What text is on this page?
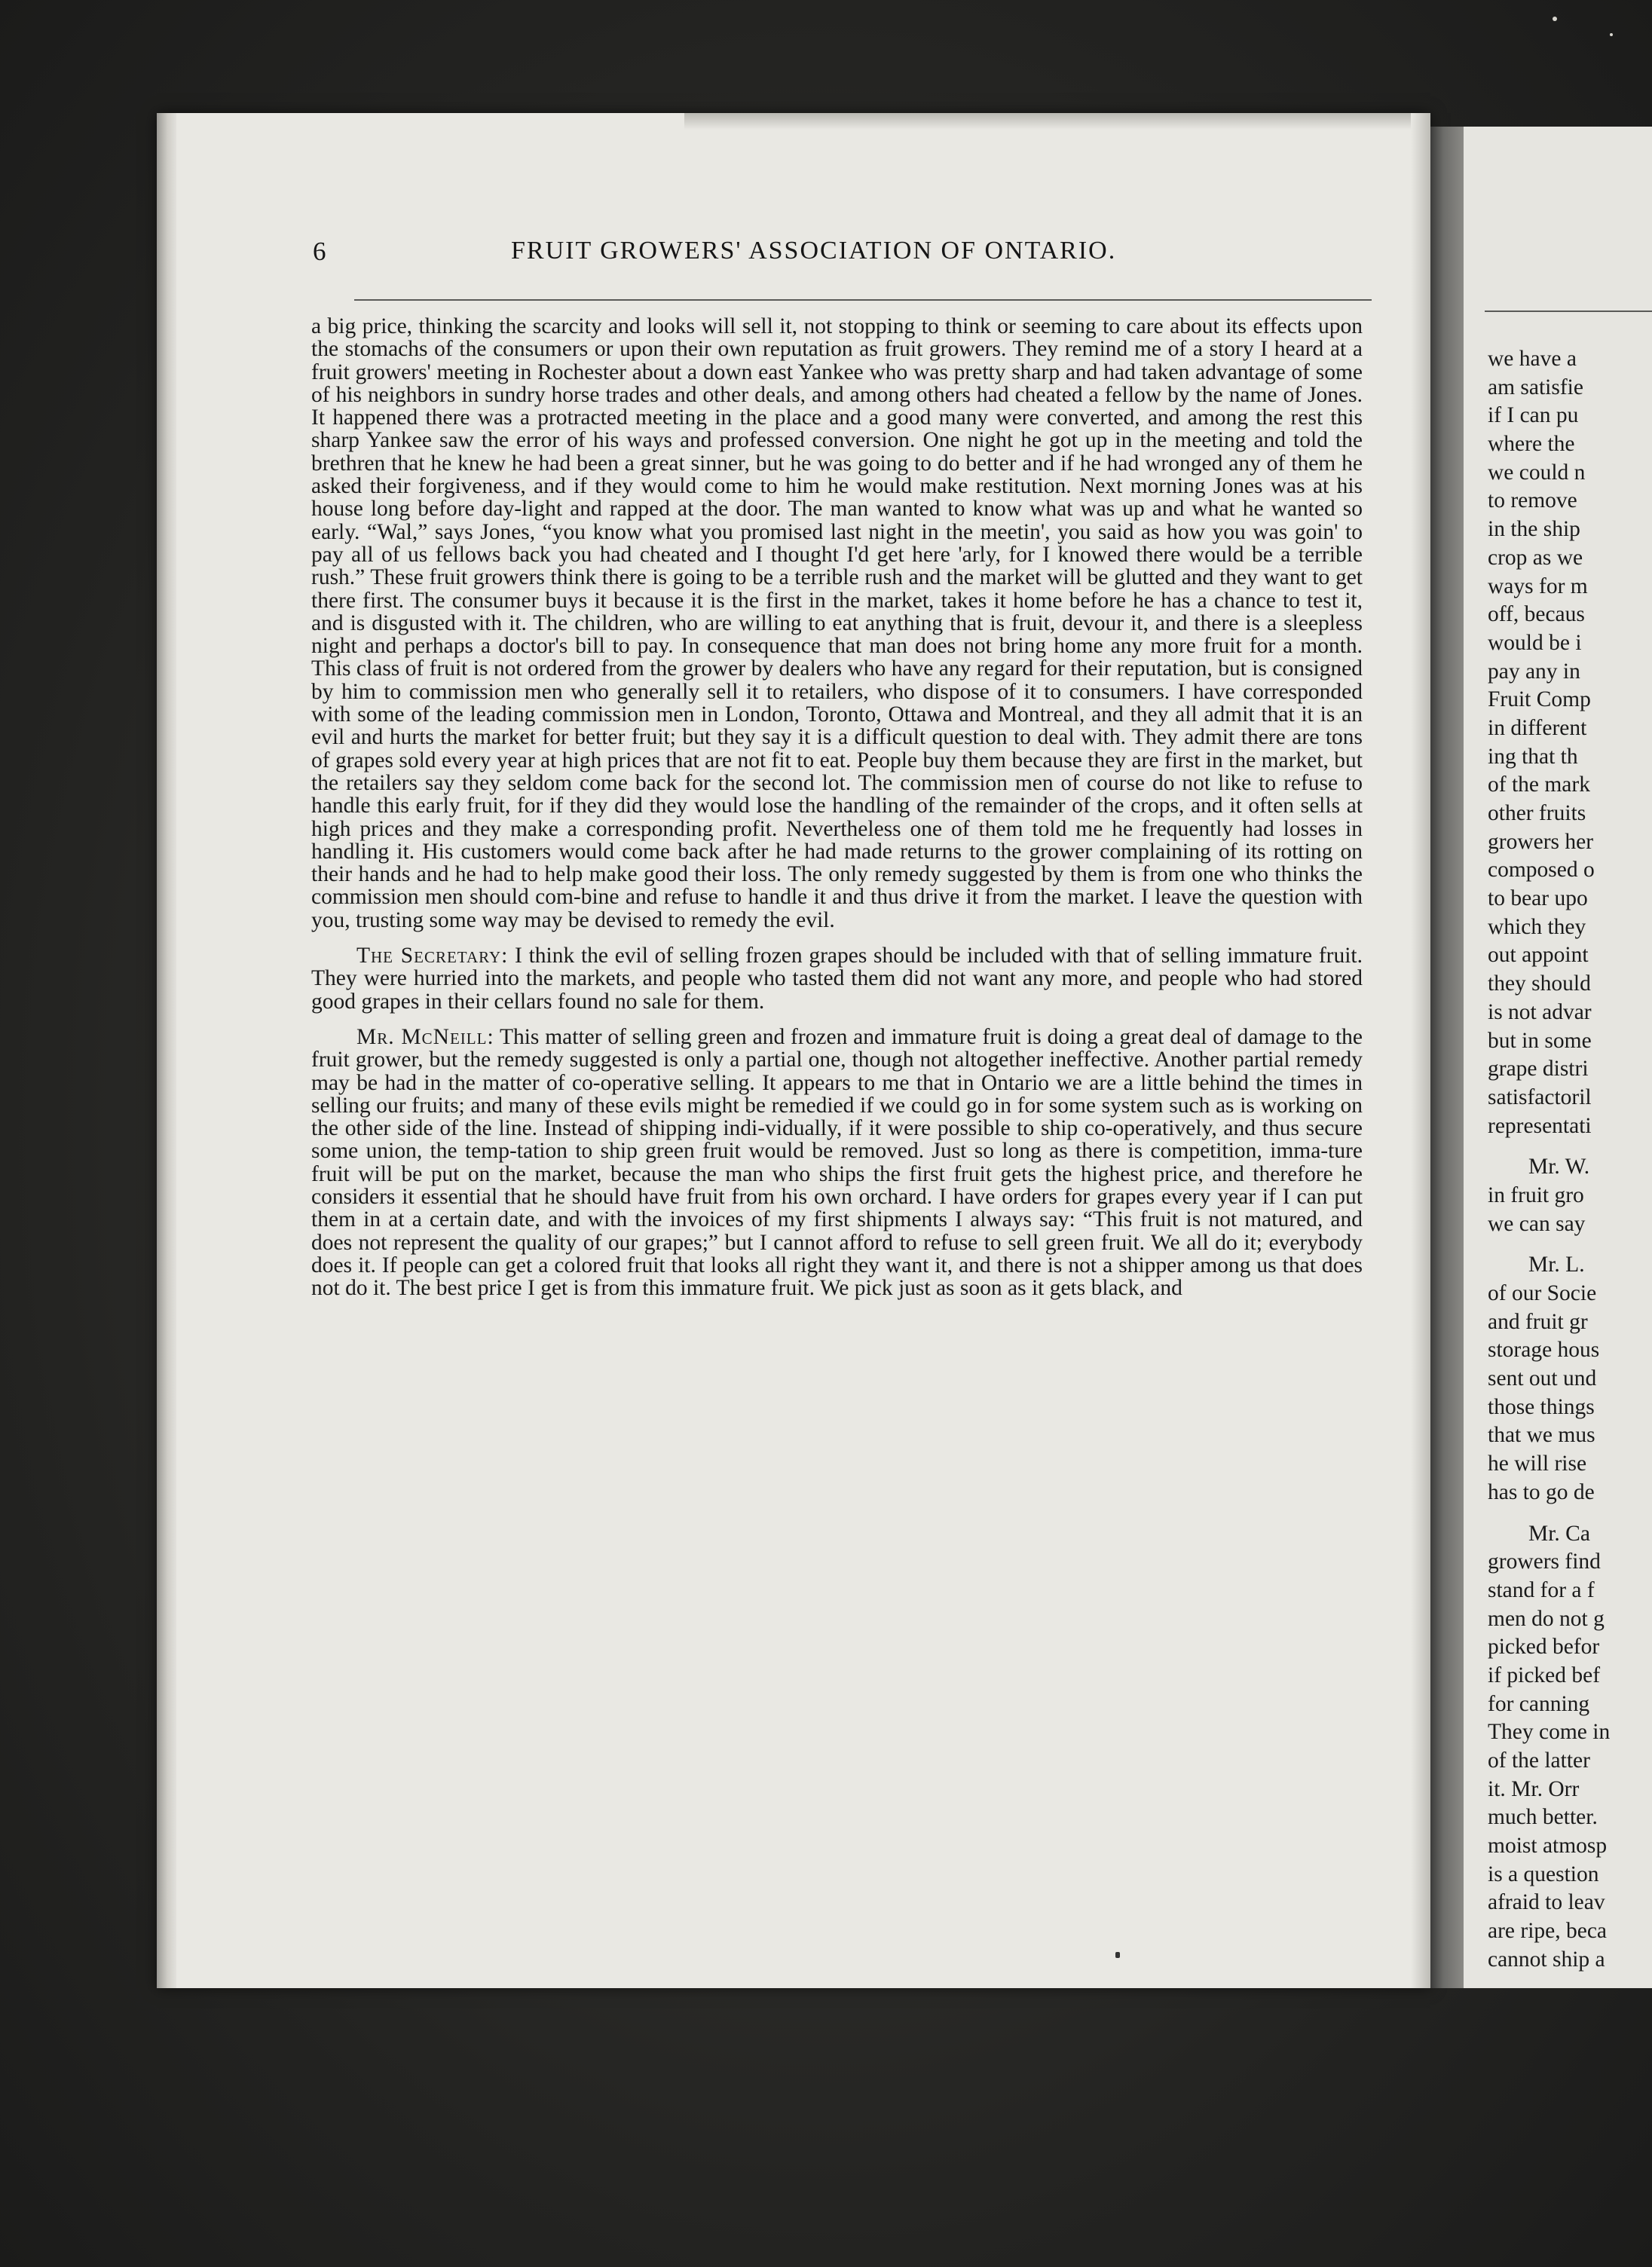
6	FRUIT GROWERS' ASSOCIATION OF ONTARIO.

a big price, thinking the scarcity and looks will sell it, not stopping to think or seeming to care about its effects upon the stomachs of the consumers or upon their own reputation as fruit growers. They remind me of a story I heard at a fruit growers' meeting in Rochester about a down east Yankee who was pretty sharp and had taken advantage of some of his neighbors in sundry horse trades and other deals, and among others had cheated a fellow by the name of Jones. It happened there was a protracted meeting in the place and a good many were converted, and among the rest this sharp Yankee saw the error of his ways and professed conversion. One night he got up in the meeting and told the brethren that he knew he had been a great sinner, but he was going to do better and if he had wronged any of them he asked their forgiveness, and if they would come to him he would make restitution. Next morning Jones was at his house long before day-light and rapped at the door. The man wanted to know what was up and what he wanted so early. “Wal,” says Jones, “you know what you promised last night in the meetin', you said as how you was goin' to pay all of us fellows back you had cheated and I thought I'd get here 'arly, for I knowed there would be a terrible rush.” These fruit growers think there is going to be a terrible rush and the market will be glutted and they want to get there first. The consumer buys it because it is the first in the market, takes it home before he has a chance to test it, and is disgusted with it. The children, who are willing to eat anything that is fruit, devour it, and there is a sleepless night and perhaps a doctor's bill to pay. In consequence that man does not bring home any more fruit for a month. This class of fruit is not ordered from the grower by dealers who have any regard for their reputation, but is consigned by him to commission men who generally sell it to retailers, who dispose of it to consumers. I have corresponded with some of the leading commission men in London, Toronto, Ottawa and Montreal, and they all admit that it is an evil and hurts the market for better fruit; but they say it is a difficult question to deal with. They admit there are tons of grapes sold every year at high prices that are not fit to eat. People buy them because they are first in the market, but the retailers say they seldom come back for the second lot. The commission men of course do not like to refuse to handle this early fruit, for if they did they would lose the handling of the remainder of the crops, and it often sells at high prices and they make a corresponding profit. Nevertheless one of them told me he frequently had losses in handling it. His customers would come back after he had made returns to the grower complaining of its rotting on their hands and he had to help make good their loss. The only remedy suggested by them is from one who thinks the commission men should com-bine and refuse to handle it and thus drive it from the market. I leave the question with you, trusting some way may be devised to remedy the evil.

The Secretary: I think the evil of selling frozen grapes should be included with that of selling immature fruit. They were hurried into the markets, and people who tasted them did not want any more, and people who had stored good grapes in their cellars found no sale for them.

Mr. McNeill: This matter of selling green and frozen and immature fruit is doing a great deal of damage to the fruit grower, but the remedy suggested is only a partial one, though not altogether ineffective. Another partial remedy may be had in the matter of co-operative selling. It appears to me that in Ontario we are a little behind the times in selling our fruits; and many of these evils might be remedied if we could go in for some system such as is working on the other side of the line. Instead of shipping indi-vidually, if it were possible to ship co-operatively, and thus secure some union, the temp-tation to ship green fruit would be removed. Just so long as there is competition, imma-ture fruit will be put on the market, because the man who ships the first fruit gets the highest price, and therefore he considers it essential that he should have fruit from his own orchard. I have orders for grapes every year if I can put them in at a certain date, and with the invoices of my first shipments I always say: “This fruit is not matured, and does not represent the quality of our grapes;” but I cannot afford to refuse to sell green fruit. We all do it; everybody does it. If people can get a colored fruit that looks all right they want it, and there is not a shipper among us that does not do it. The best price I get is from this immature fruit. We pick just as soon as it gets black, and

we have a
am satisfie
if I can pu
where the
we could n
to remove
in the ship
crop as we
ways for m
off, becaus
would be i
pay any in
Fruit Comp
in different
ing that th
of the mark
other fruits
growers her
composed o
to bear upo
which they
out appoint
they should
is not advar
but in some
grape distri
satisfactoril
representati
Mr. W.
in fruit gro
we can say
Mr. L.
of our Socie
and fruit gr
storage hous
sent out und
those things
that we mus
he will rise
has to go de
Mr. Ca
growers find
stand for a f
men do not g
picked befor
if picked bef
for canning
They come in
of the latter
it. Mr. Orr
much better.
moist atmosp
is a question
afraid to leav
are ripe, beca
cannot ship a
